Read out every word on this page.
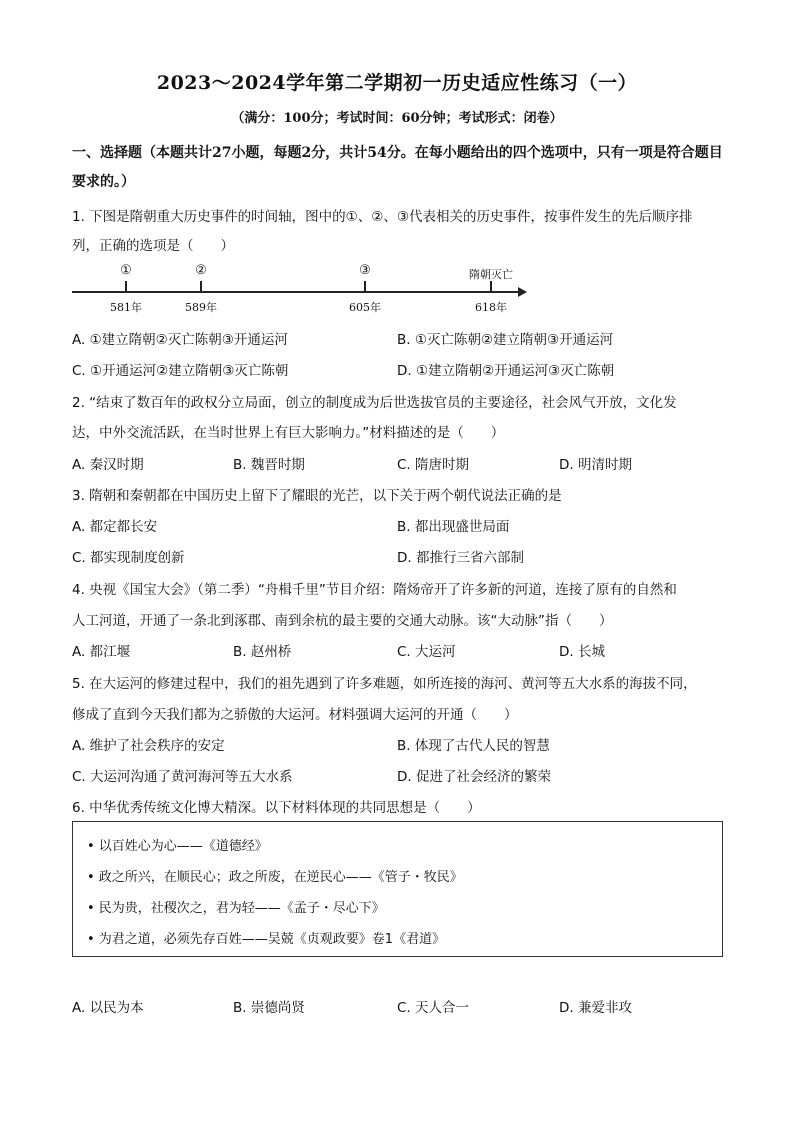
2023～2024学年第二学期初一历史适应性练习（一）
（满分：100分；考试时间：60分钟；考试形式：闭卷）
一、选择题（本题共计27小题，每题2分，共计54分。在每小题给出的四个选项中，只有一项是符合题目要求的。）
1. 下图是隋朝重大历史事件的时间轴，图中的①、②、③代表相关的历史事件，按事件发生的先后顺序排
列，正确的选项是（　　）
①
581年
②
589年
③
605年
隋朝灭亡
618年
A. ①建立隋朝②灭亡陈朝③开通运河	B. ①灭亡陈朝②建立隋朝③开通运河
C. ①开通运河②建立隋朝③灭亡陈朝	D. ①建立隋朝②开通运河③灭亡陈朝
2. “结束了数百年的政权分立局面，创立的制度成为后世选拔官员的主要途径，社会风气开放，文化发
达，中外交流活跃，在当时世界上有巨大影响力。”材料描述的是（　　）
A. 秦汉时期	B. 魏晋时期	C. 隋唐时期	D. 明清时期
3. 隋朝和秦朝都在中国历史上留下了耀眼的光芒，以下关于两个朝代说法正确的是
A. 都定都长安	B. 都出现盛世局面
C. 都实现制度创新	D. 都推行三省六部制
4. 央视《国宝大会》（第二季）“舟楫千里”节目介绍：隋炀帝开了许多新的河道，连接了原有的自然和
人工河道，开通了一条北到涿郡、南到余杭的最主要的交通大动脉。该“大动脉”指（　　）
A. 都江堰	B. 赵州桥	C. 大运河	D. 长城
5. 在大运河的修建过程中，我们的祖先遇到了许多难题，如所连接的海河、黄河等五大水系的海拔不同，
修成了直到今天我们都为之骄傲的大运河。材料强调大运河的开通（　　）
A. 维护了社会秩序的安定	B. 体现了古代人民的智慧
C. 大运河沟通了黄河海河等五大水系	D. 促进了社会经济的繁荣
6. 中华优秀传统文化博大精深。以下材料体现的共同思想是（　　）
• 以百姓心为心——《道德经》
• 政之所兴，在顺民心；政之所废，在逆民心——《管子・牧民》
• 民为贵，社稷次之，君为轻——《孟子・尽心下》
• 为君之道，必须先存百姓——吴兢《贞观政要》卷1《君道》
A. 以民为本	B. 崇德尚贤	C. 天人合一	D. 兼爱非攻
